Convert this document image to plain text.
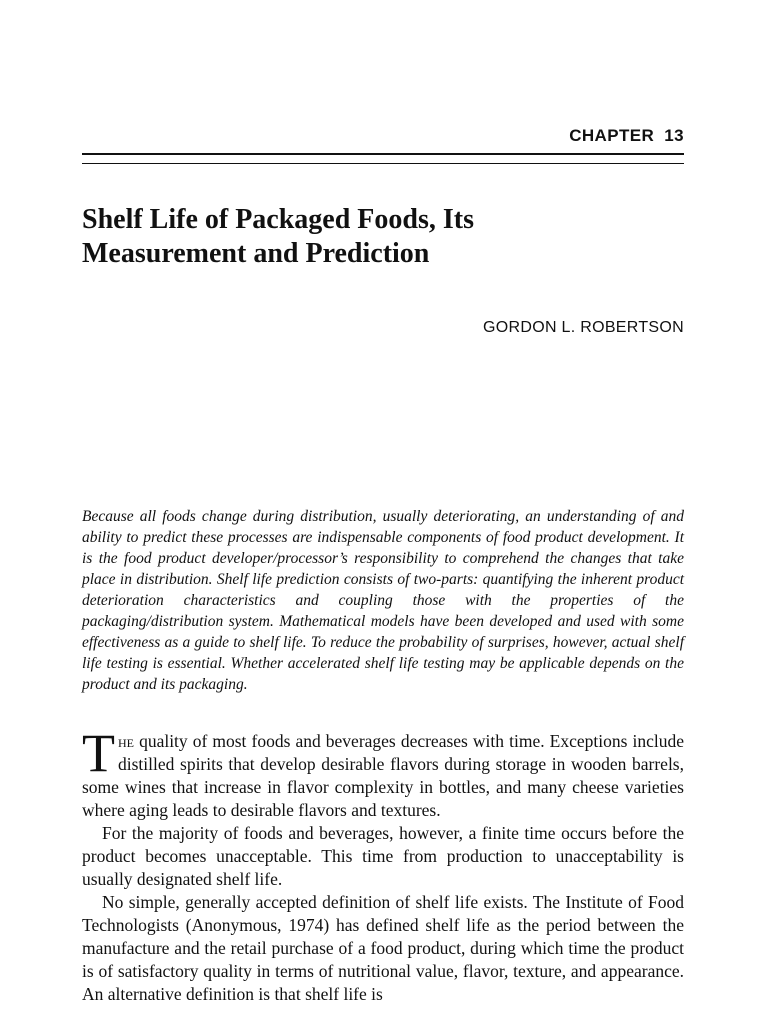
CHAPTER 13
Shelf Life of Packaged Foods, Its
Measurement and Prediction
GORDON L. ROBERTSON

Because all foods change during distribution, usually deteriorating, an understanding of and ability to predict these processes are indispensable components of food product development. It is the food product developer/processor’s responsibility to comprehend the changes that take place in distribution. Shelf life prediction consists of two-parts: quantifying the inherent product deterioration characteristics and coupling those with the properties of the packaging/distribution system. Mathematical models have been developed and used with some effectiveness as a guide to shelf life. To reduce the probability of surprises, however, actual shelf life testing is essential. Whether accelerated shelf life testing may be applicable depends on the product and its packaging.

The quality of most foods and beverages decreases with time. Exceptions include distilled spirits that develop desirable flavors during storage in wooden barrels, some wines that increase in flavor complexity in bottles, and many cheese varieties where aging leads to desirable flavors and textures.

For the majority of foods and beverages, however, a finite time occurs before the product becomes unacceptable. This time from production to unacceptability is usually designated shelf life.

No simple, generally accepted definition of shelf life exists. The Institute of Food Technologists (Anonymous, 1974) has defined shelf life as the period between the manufacture and the retail purchase of a food product, during which time the product is of satisfactory quality in terms of nutritional value, flavor, texture, and appearance. An alternative definition is that shelf life is
